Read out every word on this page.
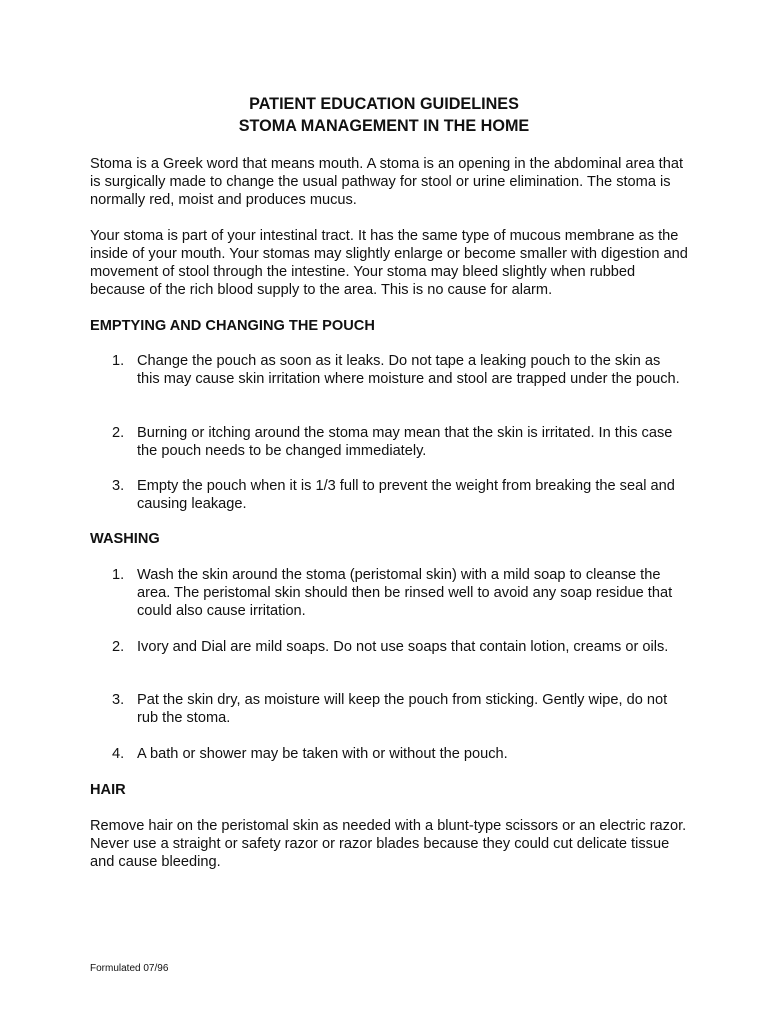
PATIENT EDUCATION GUIDELINES
STOMA MANAGEMENT IN THE HOME

Stoma is a Greek word that means mouth. A stoma is an opening in the abdominal area that is surgically made to change the usual pathway for stool or urine elimination. The stoma is normally red, moist and produces mucus.

Your stoma is part of your intestinal tract. It has the same type of mucous membrane as the inside of your mouth. Your stomas may slightly enlarge or become smaller with digestion and movement of stool through the intestine. Your stoma may bleed slightly when rubbed because of the rich blood supply to the area. This is no cause for alarm.

EMPTYING AND CHANGING THE POUCH
1. Change the pouch as soon as it leaks. Do not tape a leaking pouch to the skin as this may cause skin irritation where moisture and stool are trapped under the pouch.
2. Burning or itching around the stoma may mean that the skin is irritated. In this case the pouch needs to be changed immediately.
3. Empty the pouch when it is 1/3 full to prevent the weight from breaking the seal and causing leakage.
WASHING
1. Wash the skin around the stoma (peristomal skin) with a mild soap to cleanse the area. The peristomal skin should then be rinsed well to avoid any soap residue that could also cause irritation.
2. Ivory and Dial are mild soaps. Do not use soaps that contain lotion, creams or oils.
3. Pat the skin dry, as moisture will keep the pouch from sticking. Gently wipe, do not rub the stoma.
4. A bath or shower may be taken with or without the pouch.
HAIR

Remove hair on the peristomal skin as needed with a blunt-type scissors or an electric razor. Never use a straight or safety razor or razor blades because they could cut delicate tissue and cause bleeding.

Formulated 07/96
